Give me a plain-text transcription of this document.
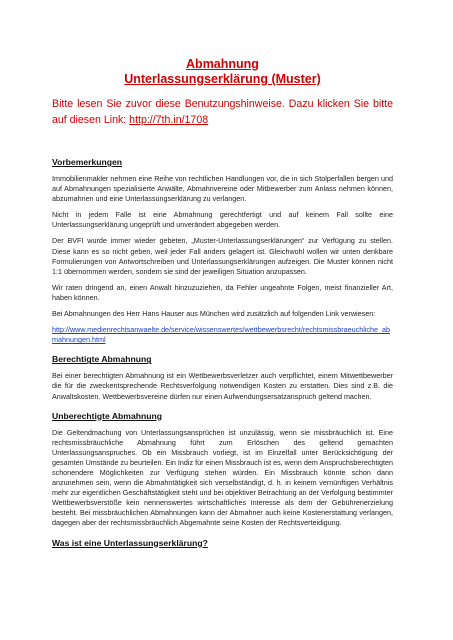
Abmahnung
Unterlassungserklärung (Muster)

Bitte lesen Sie zuvor diese Benutzungshinweise. Dazu klicken Sie bitte auf diesen Link: http://7th.in/1708

Vorbemerkungen

Immobilienmakler nehmen eine Reihe von rechtlichen Handlungen vor, die in sich Stolperfallen bergen und auf Abmahnungen spezialisierte Anwälte, Abmahnvereine oder Mitbewerber zum Anlass nehmen können, abzumahnen und eine Unterlassungserklärung zu verlangen.

Nicht in jedem Falle ist eine Abmahnung gerechtfertigt und auf keinem Fall sollte eine Unterlassungserklärung ungeprüft und unverändert abgegeben werden.

Der BVFI wurde immer wieder gebeten, „Muster-Unterlassungserklärungen“ zur Verfügung zu stellen. Diese kann es so nicht geben, weil jeder Fall anders gelagert ist. Gleichwohl wollen wir unten denkbare Formulierungen von Antwortschreiben und Unterlassungserklärungen aufzeigen. Die Muster können nicht 1:1 übernommen werden, sondern sie sind der jeweiligen Situation anzupassen.

Wir raten dringend an, einen Anwalt hinzuzuziehen, da Fehler ungeahnte Folgen, meist finanzieller Art, haben können.

Bei Abmahnungen des Herr Hans Hauser aus München wird zusätzlich auf folgenden Link verwiesen:

http://www.medienrechtsanwaelte.de/service/wissenswertes/wettbewerbsrecht/rechtsmissbraeuchliche_abmahnungen.html
Berechtigte Abmahnung

Bei einer berechtigten Abmahnung ist ein Wettbewerbsverletzer auch verpflichtet, einem Mitwettbewerber die für die zweckentsprechende Rechtsverfolgung notwendigen Kosten zu erstatten. Dies sind z.B. die Anwaltskosten. Wettbewerbsvereine dürfen nur einen Aufwendungsersatzanspruch geltend machen.

Unberechtigte Abmahnung

Die Geltendmachung von Unterlassungsansprüchen ist unzulässig, wenn sie missbräuchlich ist. Eine rechtsmissbräuchliche Abmahnung führt zum Erlöschen des geltend gemachten Unterlassungsanspruches. Ob ein Missbrauch vorliegt, ist im Einzelfall unter Berücksichtigung der gesamten Umstände zu beurteilen. Ein Indiz für einen Missbrauch ist es, wenn dem Anspruchsberechtigten schonendere Möglichkeiten zur Verfügung stehen würden. Ein Missbrauch könnte schon dann anzunehmen sein, wenn die Abmahntätigkeit sich verselbständigt, d. h. in keinem vernünftigen Verhältnis mehr zur eigentlichen Geschäftstätigkeit steht und bei objektiver Betrachtung an der Verfolgung bestimmter Wettbewerbsverstöße kein nennenswertes wirtschaftliches Interesse als dem der Gebührenerzielung besteht. Bei missbräuchlichen Abmahnungen kann der Abmahner auch keine Kostenerstattung verlangen, dagegen aber der rechtsmissbräuchlich Abgemahnte seine Kosten der Rechtsverteidigung.

Was ist eine Unterlassungserklärung?
